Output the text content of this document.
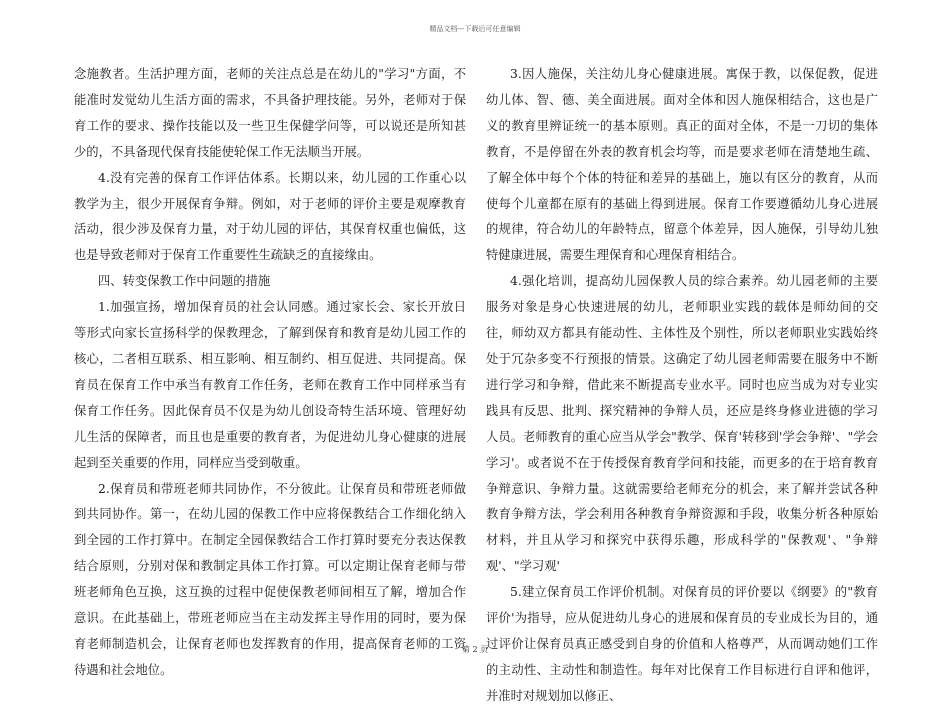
精品文档---下载后可任意编辑

念施教者。生活护理方面，老师的关注点总是在幼儿的"学习"方面，不能准时发觉幼儿生活方面的需求，不具备护理技能。另外，老师对于保育工作的要求、操作技能以及一些卫生保健学问等，可以说还是所知甚少的，不具备现代保育技能使轮保工作无法顺当开展。

4.没有完善的保育工作评估体系。长期以来，幼儿园的工作重心以教学为主，很少开展保育争辩。例如，对于老师的评价主要是观摩教育活动，很少涉及保育力量，对于幼儿园的评估，其保育权重也偏低，这也是导致老师对于保育工作重要性生疏缺乏的直接缘由。

四、转变保教工作中问题的措施

1.加强宣扬，增加保育员的社会认同感。通过家长会、家长开放日等形式向家长宣扬科学的保教理念，了解到保育和教育是幼儿园工作的核心，二者相互联系、相互影响、相互制约、相互促进、共同提高。保育员在保育工作中承当有教育工作任务，老师在教育工作中同样承当有保育工作任务。因此保育员不仅是为幼儿创设奇特生活环境、管理好幼儿生活的保障者，而且也是重要的教育者，为促进幼儿身心健康的进展起到至关重要的作用，同样应当受到敬重。

2.保育员和带班老师共同协作，不分彼此。让保育员和带班老师做到共同协作。第一，在幼儿园的保教工作中应将保教结合工作细化纳入到全园的工作打算中。在制定全园保教结合工作打算时要充分表达保教结合原则，分别对保和教制定具体工作打算。可以定期让保育老师与带班老师角色互换，这互换的过程中促使保教老师间相互了解，增加合作意识。在此基础上，带班老师应当在主动发挥主导作用的同时，要为保育老师制造机会，让保育老师也发挥教育的作用，提高保育老师的工资待遇和社会地位。

3.因人施保，关注幼儿身心健康进展。寓保于教，以保促教，促进幼儿体、智、德、美全面进展。面对全体和因人施保相结合，这也是广义的教育里辨证统一的基本原则。真正的面对全体，不是一刀切的集体教育，不是停留在外表的教育机会均等，而是要求老师在清楚地生疏、了解全体中每个个体的特征和差异的基础上，施以有区分的教育，从而使每个儿童都在原有的基础上得到进展。保育工作要遵循幼儿身心进展的规律，符合幼儿的年龄特点，留意个体差异，因人施保，引导幼儿独特健康进展，需要生理保育和心理保育相结合。

4.强化培训，提高幼儿园保教人员的综合素养。幼儿园老师的主要服务对象是身心快速进展的幼儿，老师职业实践的载体是师幼间的交往，师幼双方都具有能动性、主体性及个别性，所以老师职业实践始终处于冗杂多变不行预报的情景。这确定了幼儿园老师需要在服务中不断进行学习和争辩，借此来不断提高专业水平。同时也应当成为对专业实践具有反思、批判、探究精神的争辩人员，还应是终身修业进德的学习人员。老师教育的重心应当从学会"教学、保育'转移到'学会争辩'、"学会学习'。或者说不在于传授保育教育学问和技能，而更多的在于培育教育争辩意识、争辩力量。这就需要给老师充分的机会，来了解并尝试各种教育争辩方法，学会利用各种教育争辩资源和手段，收集分析各种原始材料，并且从学习和探究中获得乐趣，形成科学的"保教观'、"争辩观'、"学习观'

5.建立保育员工作评价机制。对保育员的评价要以《纲要》的"教育评价'为指导，应从促进幼儿身心的进展和保育员的专业成长为目的，通过评价让保育员真正感受到自身的价值和人格尊严，从而调动她们工作的主动性、主动性和制造性。每年对比保育工作目标进行自评和他评，并准时对规划加以修正、

第 2 页
